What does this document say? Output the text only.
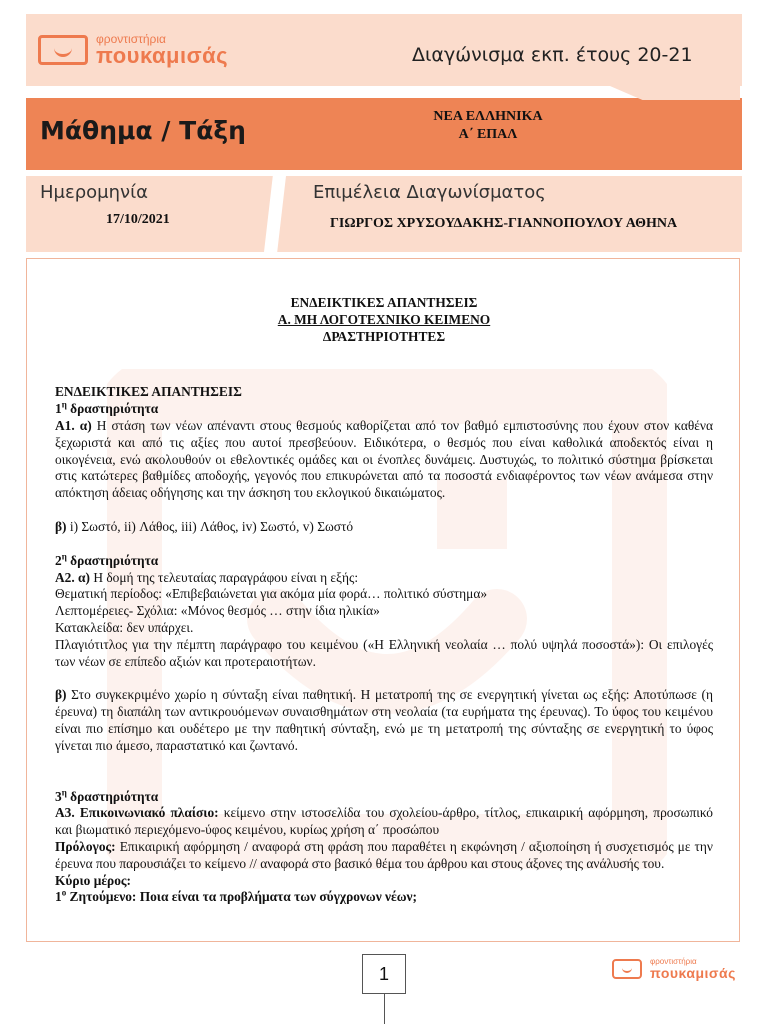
φροντιστήρια
πουκαμισάς	Διαγώνισμα εκπ. έτους 20-21
Μάθημα / Τάξη	ΝΕΑ ΕΛΛΗΝΙΚΑ
Α΄ ΕΠΑΛ
Ημερομηνία
17/10/2021
Επιμέλεια Διαγωνίσματος
ΓΙΩΡΓΟΣ ΧΡΥΣΟΥΔΑΚΗΣ-ΓΙΑΝΝΟΠΟΥΛΟΥ ΑΘΗΝΑ

ΕΝΔΕΙΚΤΙΚΕΣ ΑΠΑΝΤΗΣΕΙΣ

Α. ΜΗ ΛΟΓΟΤΕΧΝΙΚΟ ΚΕΙΜΕΝΟ

ΔΡΑΣΤΗΡΙΟΤΗΤΕΣ

ΕΝΔΕΙΚΤΙΚΕΣ ΑΠΑΝΤΗΣΕΙΣ

$1^\eta$ δραστηριότητα

Α1. α) Η στάση των νέων απέναντι στους θεσμούς καθορίζεται από τον βαθμό εμπιστοσύνης που έχουν στον καθένα ξεχωριστά και από τις αξίες που αυτοί πρεσβεύουν. Ειδικότερα, ο θεσμός που είναι καθολικά αποδεκτός είναι η οικογένεια, ενώ ακολουθούν οι εθελοντικές ομάδες και οι ένοπλες δυνάμεις. Δυστυχώς, το πολιτικό σύστημα βρίσκεται στις κατώτερες βαθμίδες αποδοχής, γεγονός που επικυρώνεται από τα ποσοστά ενδιαφέροντος των νέων ανάμεσα στην απόκτηση άδειας οδήγησης και την άσκηση του εκλογικού δικαιώματος.

β) i) Σωστό, ii) Λάθος, iii) Λάθος, iv) Σωστό, v) Σωστό

$2^\eta$ δραστηριότητα

Α2. α) Η δομή της τελευταίας παραγράφου είναι η εξής:

Θεματική περίοδος: «Επιβεβαιώνεται για ακόμα μία φορά… πολιτικό σύστημα»

Λεπτομέρειες- Σχόλια: «Μόνος θεσμός … στην ίδια ηλικία»

Κατακλείδα: δεν υπάρχει.

Πλαγιότιτλος για την πέμπτη παράγραφο του κειμένου («Η Ελληνική νεολαία … πολύ υψηλά ποσοστά»): Οι επιλογές των νέων σε επίπεδο αξιών και προτεραιοτήτων.

β) Στο συγκεκριμένο χωρίο η σύνταξη είναι παθητική. Η μετατροπή της σε ενεργητική γίνεται ως εξής: Αποτύπωσε (η έρευνα) τη διαπάλη των αντικρουόμενων συναισθημάτων στη νεολαία (τα ευρήματα της έρευνας). Το ύφος του κειμένου είναι πιο επίσημο και ουδέτερο με την παθητική σύνταξη, ενώ με τη μετατροπή της σύνταξης σε ενεργητική το ύφος γίνεται πιο άμεσο, παραστατικό και ζωντανό.

$3^\eta$ δραστηριότητα

Α3. Επικοινωνιακό πλαίσιο: κείμενο στην ιστοσελίδα του σχολείου-άρθρο, τίτλος, επικαιρική αφόρμηση, προσωπικό και βιωματικό περιεχόμενο-ύφος κειμένου, κυρίως χρήση α΄ προσώπου

Πρόλογος: Επικαιρική αφόρμηση / αναφορά στη φράση που παραθέτει η εκφώνηση / αξιοποίηση ή συσχετισμός με την έρευνα που παρουσιάζει το κείμενο // αναφορά στο βασικό θέμα του άρθρου και στους άξονες της ανάλυσής του.

Κύριο μέρος:

$1^o$ Ζητούμενο: Ποια είναι τα προβλήματα των σύγχρονων νέων;

1
φροντιστήρια
πουκαμισάς
